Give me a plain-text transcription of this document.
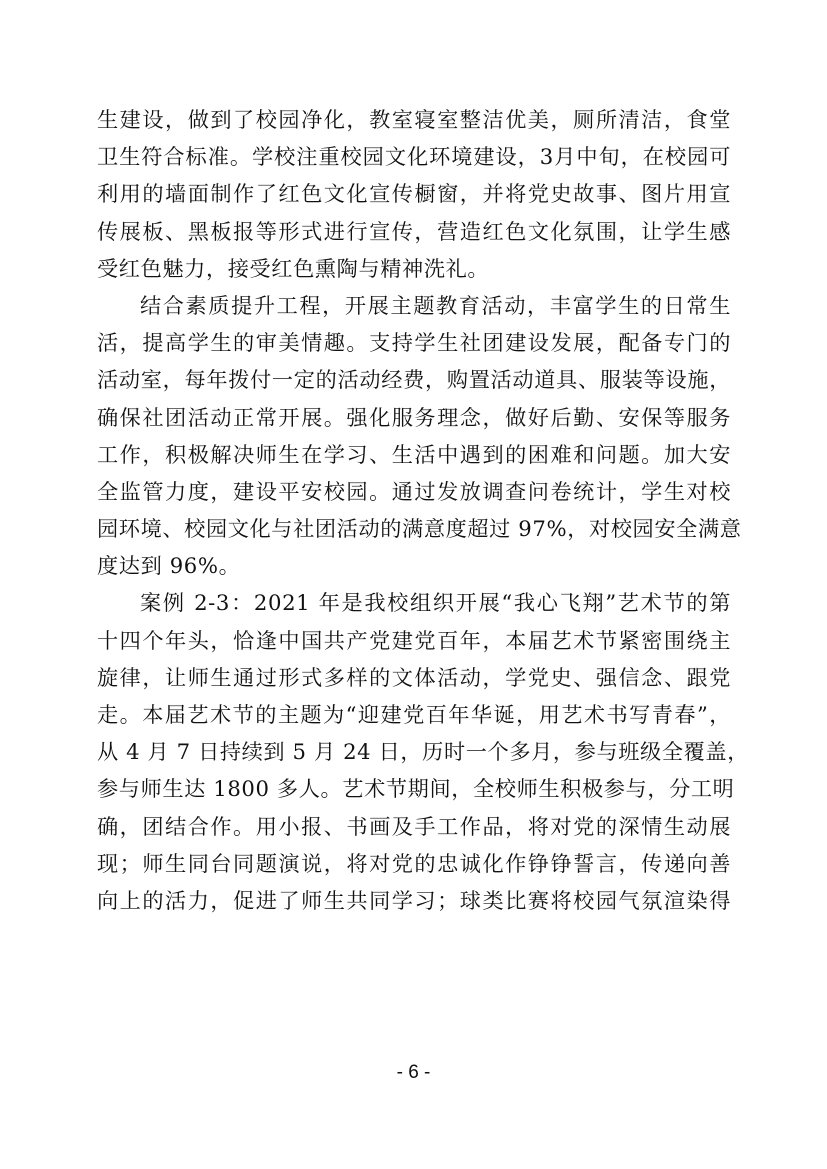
生建设，做到了校园净化，教室寝室整洁优美，厕所清洁，食堂
卫生符合标准。学校注重校园文化环境建设，3月中旬，在校园可
利用的墙面制作了红色文化宣传橱窗，并将党史故事、图片用宣
传展板、黑板报等形式进行宣传，营造红色文化氛围，让学生感
受红色魅力，接受红色熏陶与精神洗礼。
结合素质提升工程，开展主题教育活动，丰富学生的日常生
活，提高学生的审美情趣。支持学生社团建设发展，配备专门的
活动室，每年拨付一定的活动经费，购置活动道具、服装等设施，
确保社团活动正常开展。强化服务理念，做好后勤、安保等服务
工作，积极解决师生在学习、生活中遇到的困难和问题。加大安
全监管力度，建设平安校园。通过发放调查问卷统计，学生对校
园环境、校园文化与社团活动的满意度超过 97%，对校园安全满意
度达到 96%。
案例 2-3：2021 年是我校组织开展“我心飞翔”艺术节的第
十四个年头，恰逢中国共产党建党百年，本届艺术节紧密围绕主
旋律，让师生通过形式多样的文体活动，学党史、强信念、跟党
走。本届艺术节的主题为“迎建党百年华诞，用艺术书写青春”，
从 4 月 7 日持续到 5 月 24 日，历时一个多月，参与班级全覆盖，
参与师生达 1800 多人。艺术节期间，全校师生积极参与，分工明
确，团结合作。用小报、书画及手工作品，将对党的深情生动展
现；师生同台同题演说，将对党的忠诚化作铮铮誓言，传递向善
向上的活力，促进了师生共同学习；球类比赛将校园气氛渲染得
- 6 -
